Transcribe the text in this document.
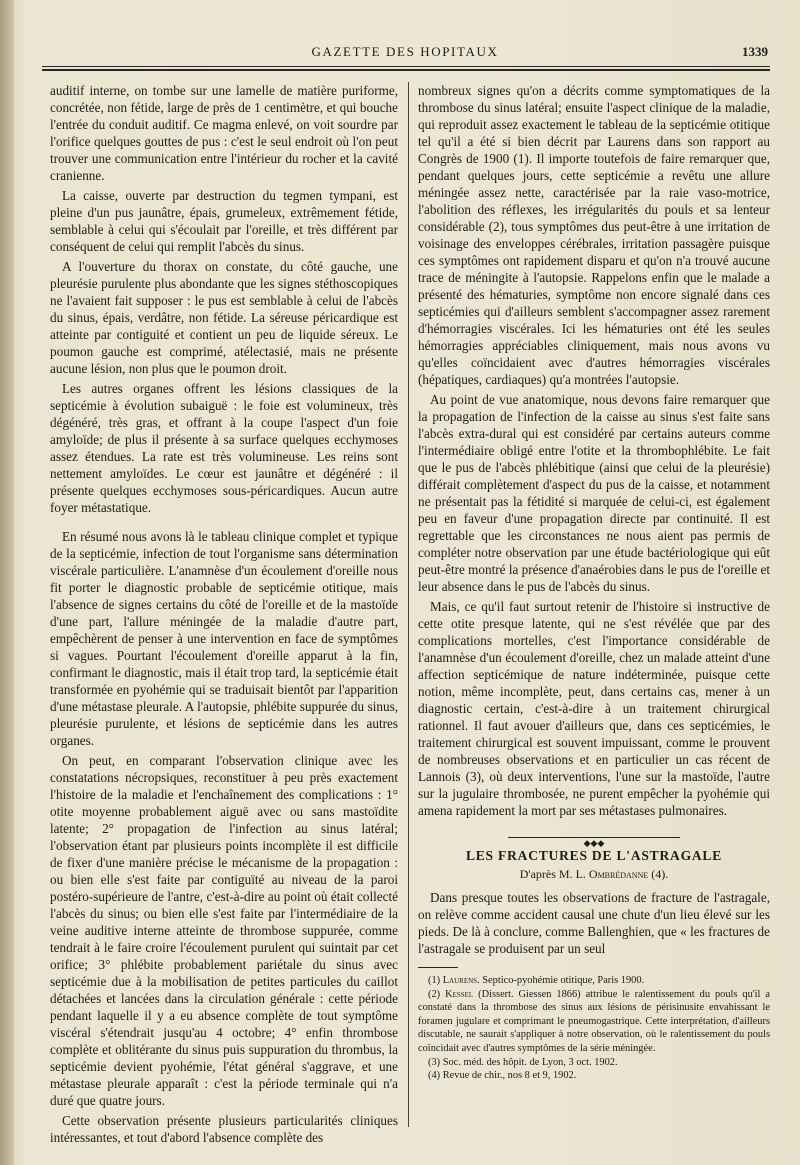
GAZETTE DES HOPITAUX	1339

auditif interne, on tombe sur une lamelle de matière puriforme, concrétée, non fétide, large de près de 1 centimètre, et qui bouche l'entrée du conduit auditif. Ce magma enlevé, on voit sourdre par l'orifice quelques gouttes de pus : c'est le seul endroit où l'on peut trouver une communication entre l'intérieur du rocher et la cavité cranienne.

La caisse, ouverte par destruction du tegmen tympani, est pleine d'un pus jaunâtre, épais, grumeleux, extrêmement fétide, semblable à celui qui s'écoulait par l'oreille, et très différent par conséquent de celui qui remplit l'abcès du sinus.

A l'ouverture du thorax on constate, du côté gauche, une pleurésie purulente plus abondante que les signes stéthoscopiques ne l'avaient fait supposer : le pus est semblable à celui de l'abcès du sinus, épais, verdâtre, non fétide. La séreuse péricardique est atteinte par contiguité et contient un peu de liquide séreux. Le poumon gauche est comprimé, atélectasié, mais ne présente aucune lésion, non plus que le poumon droit.

Les autres organes offrent les lésions classiques de la septicémie à évolution subaiguë : le foie est volumineux, très dégénéré, très gras, et offrant à la coupe l'aspect d'un foie amyloïde; de plus il présente à sa surface quelques ecchymoses assez étendues. La rate est très volumineuse. Les reins sont nettement amyloïdes. Le cœur est jaunâtre et dégénéré : il présente quelques ecchymoses sous-péricardiques. Aucun autre foyer métastatique.

En résumé nous avons là le tableau clinique complet et typique de la septicémie, infection de tout l'organisme sans détermination viscérale particulière. L'anamnèse d'un écoulement d'oreille nous fit porter le diagnostic probable de septicémie otitique, mais l'absence de signes certains du côté de l'oreille et de la mastoïde d'une part, l'allure méningée de la maladie d'autre part, empêchèrent de penser à une intervention en face de symptômes si vagues. Pourtant l'écoulement d'oreille apparut à la fin, confirmant le diagnostic, mais il était trop tard, la septicémie était transformée en pyohémie qui se traduisait bientôt par l'apparition d'une métastase pleurale. A l'autopsie, phlébite suppurée du sinus, pleurésie purulente, et lésions de septicémie dans les autres organes.

On peut, en comparant l'observation clinique avec les constatations nécropsiques, reconstituer à peu près exactement l'histoire de la maladie et l'enchaînement des complications : 1° otite moyenne probablement aiguë avec ou sans mastoïdite latente; 2° propagation de l'infection au sinus latéral; l'observation étant par plusieurs points incomplète il est difficile de fixer d'une manière précise le mécanisme de la propagation : ou bien elle s'est faite par contiguïté au niveau de la paroi postéro-supérieure de l'antre, c'est-à-dire au point où était collecté l'abcès du sinus; ou bien elle s'est faite par l'intermédiaire de la veine auditive interne atteinte de thrombose suppurée, comme tendrait à le faire croire l'écoulement purulent qui suintait par cet orifice; 3° phlébite probablement pariétale du sinus avec septicémie due à la mobilisation de petites particules du caillot détachées et lancées dans la circulation générale : cette période pendant laquelle il y a eu absence complète de tout symptôme viscéral s'étendrait jusqu'au 4 octobre; 4° enfin thrombose complète et oblitérante du sinus puis suppuration du thrombus, la septicémie devient pyohémie, l'état général s'aggrave, et une métastase pleurale apparaît : c'est la période terminale qui n'a duré que quatre jours.

Cette observation présente plusieurs particularités cliniques intéressantes, et tout d'abord l'absence complète des

nombreux signes qu'on a décrits comme symptomatiques de la thrombose du sinus latéral; ensuite l'aspect clinique de la maladie, qui reproduit assez exactement le tableau de la septicémie otitique tel qu'il a été si bien décrit par Laurens dans son rapport au Congrès de 1900 (1). Il importe toutefois de faire remarquer que, pendant quelques jours, cette septicémie a revêtu une allure méningée assez nette, caractérisée par la raie vaso-motrice, l'abolition des réflexes, les irrégularités du pouls et sa lenteur considérable (2), tous symptômes dus peut-être à une irritation de voisinage des enveloppes cérébrales, irritation passagère puisque ces symptômes ont rapidement disparu et qu'on n'a trouvé aucune trace de méningite à l'autopsie. Rappelons enfin que le malade a présenté des hématuries, symptôme non encore signalé dans ces septicémies qui d'ailleurs semblent s'accompagner assez rarement d'hémorragies viscérales. Ici les hématuries ont été les seules hémorragies appréciables cliniquement, mais nous avons vu qu'elles coïncidaient avec d'autres hémorragies viscérales (hépatiques, cardiaques) qu'a montrées l'autopsie.

Au point de vue anatomique, nous devons faire remarquer que la propagation de l'infection de la caisse au sinus s'est faite sans l'abcès extra-dural qui est considéré par certains auteurs comme l'intermédiaire obligé entre l'otite et la thrombophlébite. Le fait que le pus de l'abcès phlébitique (ainsi que celui de la pleurésie) différait complètement d'aspect du pus de la caisse, et notamment ne présentait pas la fétidité si marquée de celui-ci, est également peu en faveur d'une propagation directe par continuité. Il est regrettable que les circonstances ne nous aient pas permis de compléter notre observation par une étude bactériologique qui eût peut-être montré la présence d'anaérobies dans le pus de l'oreille et leur absence dans le pus de l'abcès du sinus.

Mais, ce qu'il faut surtout retenir de l'histoire si instructive de cette otite presque latente, qui ne s'est révélée que par des complications mortelles, c'est l'importance considérable de l'anamnèse d'un écoulement d'oreille, chez un malade atteint d'une affection septicémique de nature indéterminée, puisque cette notion, même incomplète, peut, dans certains cas, mener à un diagnostic certain, c'est-à-dire à un traitement chirurgical rationnel. Il faut avouer d'ailleurs que, dans ces septicémies, le traitement chirurgical est souvent impuissant, comme le prouvent de nombreuses observations et en particulier un cas récent de Lannois (3), où deux interventions, l'une sur la mastoïde, l'autre sur la jugulaire thrombosée, ne purent empêcher la pyohémie qui amena rapidement la mort par ses métastases pulmonaires.

◆◆◆
LES FRACTURES DE L'ASTRAGALE
D'après M. L. Ombrédanne (4).

Dans presque toutes les observations de fracture de l'astragale, on relève comme accident causal une chute d'un lieu élevé sur les pieds. De là à conclure, comme Ballenghien, que « les fractures de l'astragale se produisent par un seul

(1) Laurens. Septico-pyohémie otitique, Paris 1900.

(2) Kessel (Dissert. Giessen 1866) attribue le ralentissement du pouls qu'il a constaté dans la thrombose des sinus aux lésions de périsinusite envahissant le foramen jugulare et comprimant le pneumogastrique. Cette interprétation, d'ailleurs discutable, ne saurait s'appliquer à notre observation, où le ralentissement du pouls coïncidait avec d'autres symptômes de la série méningée.

(3) Soc. méd. des hôpit. de Lyon, 3 oct. 1902.

(4) Revue de chir., nos 8 et 9, 1902.
